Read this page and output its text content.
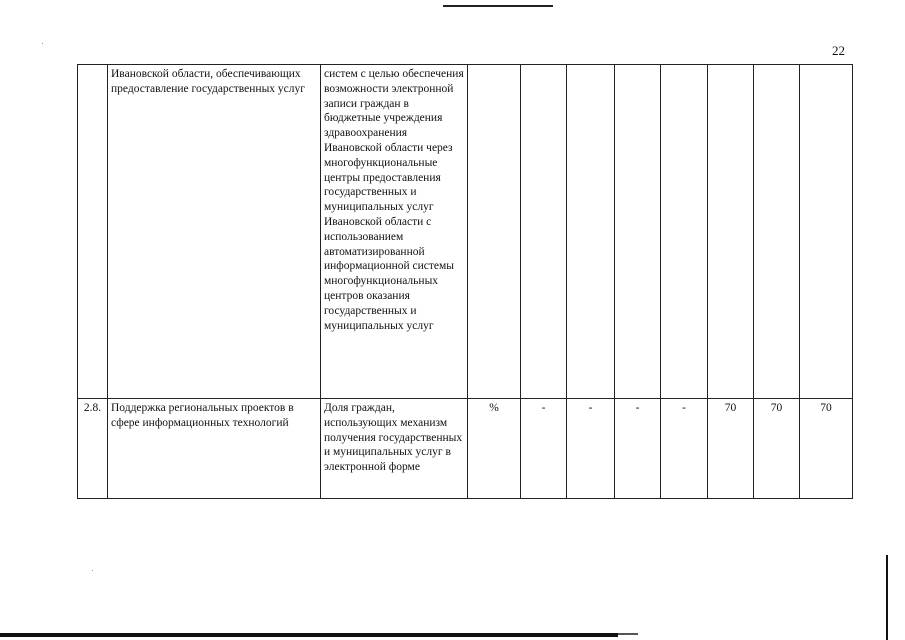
22
	Ивановской области, обеспечивающих предоставление государственных услуг	систем с целью обеспечения возможности электронной записи граждан в бюджетные учреждения здравоохранения Ивановской области через многофункциональные центры предоставления государственных и муниципальных услуг Ивановской области с использованием автоматизированной информационной системы многофункциональных центров оказания государственных и муниципальных услуг								
2.8.	Поддержка региональных проектов в сфере информационных технологий	Доля граждан, использующих механизм получения государственных и муниципальных услуг в электронной форме	%	-	-	-	-	70	70	70
